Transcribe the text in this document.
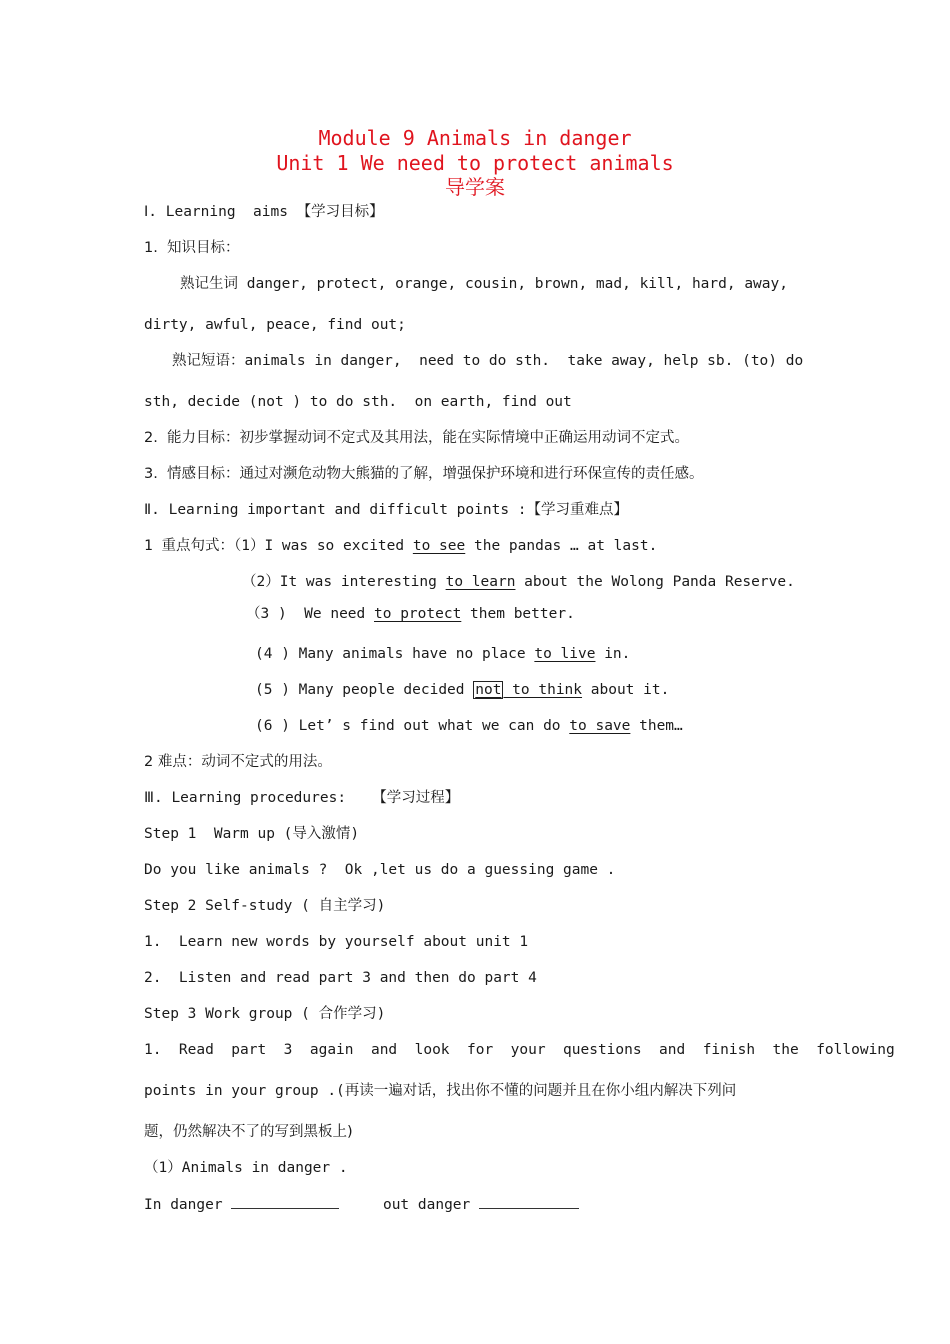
Module 9 Animals in danger
Unit 1 We need to protect animals
导学案
Ⅰ. Learning  aims 【学习目标】
1.  知识目标：
熟记生词 danger, protect, orange, cousin, brown, mad, kill, hard, away,
dirty, awful, peace, find out;
熟记短语：animals in danger,  need to do sth.  take away, help sb. (to) do
sth, decide (not ) to do sth.  on earth, find out
2.  能力目标：初步掌握动词不定式及其用法，能在实际情境中正确运用动词不定式。
3.  情感目标：通过对濒危动物大熊猫的了解，增强保护环境和进行环保宣传的责任感。
Ⅱ. Learning important and difficult points :【学习重难点】
1 重点句式：（1）I was so excited to see the pandas … at last.
（2）It was interesting to learn about the Wolong Panda Reserve.
（3 )  We need to protect them better.
(4 ) Many animals have no place to live in.
(5 ) Many people decided not to think about it.
(6 ) Let’ s find out what we can do to save them…
2 难点：动词不定式的用法。
Ⅲ. Learning procedures:   【学习过程】
Step 1  Warm up (导入激情)
Do you like animals ?  Ok ,let us do a guessing game .
Step 2 Self-study ( 自主学习)
1.  Learn new words by yourself about unit 1
2.  Listen and read part 3 and then do part 4
Step 3 Work group ( 合作学习)
1.  Read  part  3  again  and  look  for  your  questions  and  finish  the  following
points in your group .(再读一遍对话，找出你不懂的问题并且在你小组内解决下列问
题，仍然解决不了的写到黑板上)
（1）Animals in danger .
In danger	out danger
